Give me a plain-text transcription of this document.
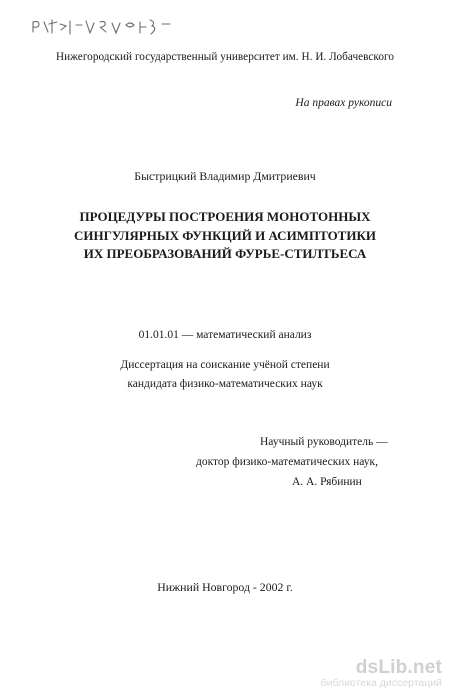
Нижегородский государственный университет им. Н. И. Лобачевского
На правах рукописи
Быстрицкий Владимир Дмитриевич
ПРОЦЕДУРЫ ПОСТРОЕНИЯ МОНОТОННЫХ
СИНГУЛЯРНЫХ ФУНКЦИЙ И АСИМПТОТИКИ
ИХ ПРЕОБРАЗОВАНИЙ ФУРЬЕ-СТИЛТЬЕСА
01.01.01 — математический анализ
Диссертация на соискание учёной степени
кандидата физико-математических наук
Научный руководитель —
доктор физико-математических наук,
А. А. Рябинин
Нижний Новгород - 2002 г.
dsLib.net
библиотека диссертаций
